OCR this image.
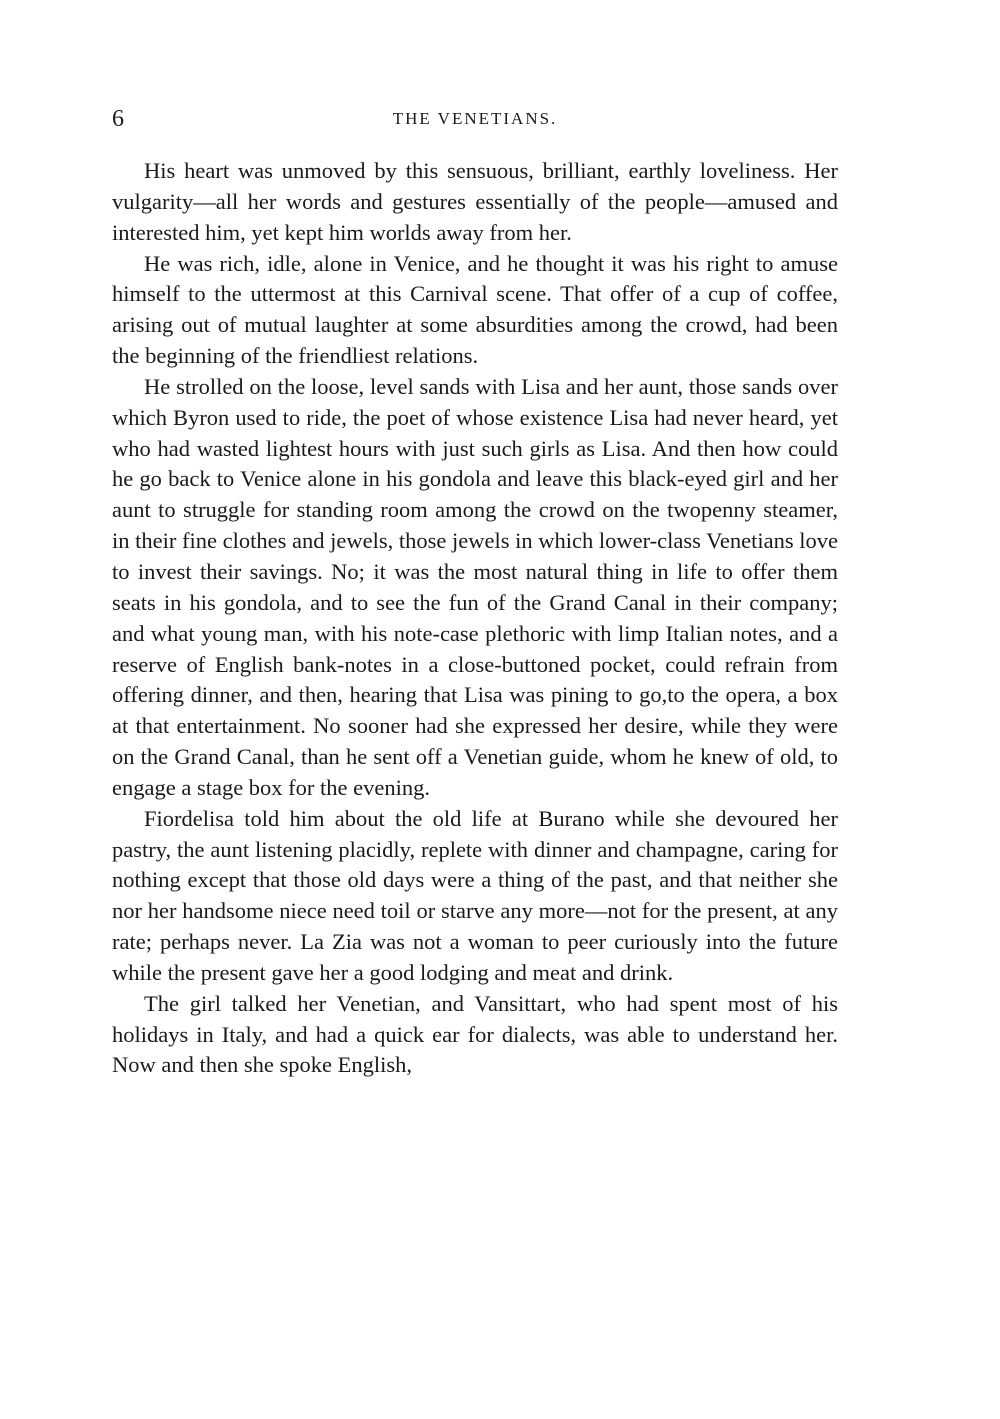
6	THE VENETIANS.

His heart was unmoved by this sensuous, brilliant, earthly loveliness. Her vulgarity—all her words and gestures essentially of the people—amused and interested him, yet kept him worlds away from her.

He was rich, idle, alone in Venice, and he thought it was his right to amuse himself to the uttermost at this Carnival scene. That offer of a cup of coffee, arising out of mutual laughter at some absurdities among the crowd, had been the beginning of the friendliest relations.

He strolled on the loose, level sands with Lisa and her aunt, those sands over which Byron used to ride, the poet of whose existence Lisa had never heard, yet who had wasted lightest hours with just such girls as Lisa. And then how could he go back to Venice alone in his gondola and leave this black-eyed girl and her aunt to struggle for standing room among the crowd on the twopenny steamer, in their fine clothes and jewels, those jewels in which lower-class Venetians love to invest their savings. No; it was the most natural thing in life to offer them seats in his gondola, and to see the fun of the Grand Canal in their company; and what young man, with his note-case plethoric with limp Italian notes, and a reserve of English bank-notes in a close-buttoned pocket, could refrain from offering dinner, and then, hearing that Lisa was pining to go,to the opera, a box at that entertainment. No sooner had she expressed her desire, while they were on the Grand Canal, than he sent off a Venetian guide, whom he knew of old, to engage a stage box for the evening.

Fiordelisa told him about the old life at Burano while she devoured her pastry, the aunt listening placidly, replete with dinner and champagne, caring for nothing except that those old days were a thing of the past, and that neither she nor her handsome niece need toil or starve any more—not for the present, at any rate; perhaps never. La Zia was not a woman to peer curiously into the future while the present gave her a good lodging and meat and drink.

The girl talked her Venetian, and Vansittart, who had spent most of his holidays in Italy, and had a quick ear for dialects, was able to understand her. Now and then she spoke English,
